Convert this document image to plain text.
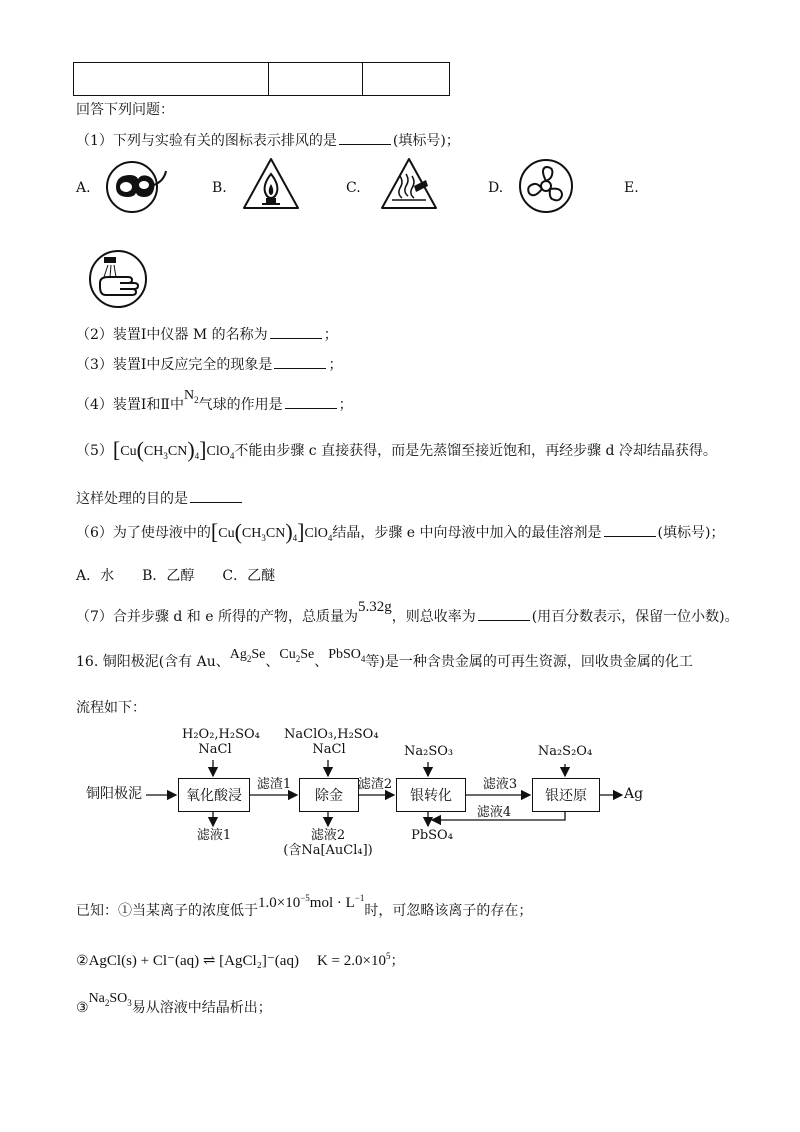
回答下列问题：
（1）下列与实验有关的图标表示排风的是	(填标号)；
A.	B.	C.	D.	E.
（2）装置Ⅰ中仪器 M 的名称为	；
（3）装置Ⅰ中反应完全的现象是	；
（4）装置Ⅰ和Ⅱ中$N_2$气球的作用是	；
$(5)[Cu(CH_3CN)_4]ClO_4$不能由步骤 c 直接获得，而是先蒸馏至接近饱和，再经步骤 d 冷却结晶获得。
这样处理的目的是
（6）为了使母液中的$[Cu(CH_3CN)_4]ClO_4$结晶，步骤 e 中向母液中加入的最佳溶剂是	(填标号)；
A．水　　B．乙醇　　C．乙醚
（7）合并步骤 d 和 e 所得的产物，总质量为5.32g，则总收率为	(用百分数表示，保留一位小数)。
16. 铜阳极泥(含有 Au、$Ag_2Se$、$Cu_2Se$、PbSO$_4$等)是一种含贵金属的可再生资源，回收贵金属的化工
流程如下：
铜阳极泥	氧化酸浸	除金	银转化	银还原	Ag
H₂O₂,H₂SO₄
NaCl
NaClO₃,H₂SO₄
NaCl	Na₂SO₃	Na₂S₂O₄
滤渣1	滤渣2	滤液3
滤液4
滤液1	滤液2
(含Na[AuCl₄])
PbSO₄
已知：①当某离子的浓度低于$1.0\times 10^{-5}mol \cdot L^{-1}$时，可忽略该离子的存在；
②AgCl(s) + Cl⁻(aq) ⇌ [AgCl₂]⁻(aq) $K = 2.0\times 10^5$；
$③Na_2SO_3$易从溶液中结晶析出；
